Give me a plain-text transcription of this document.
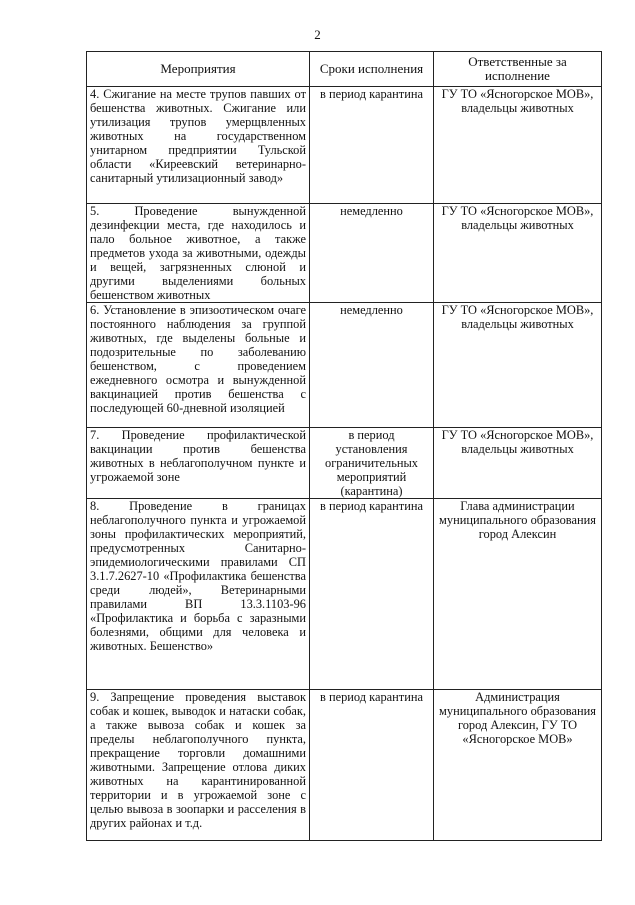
2
Мероприятия	Сроки исполнения	Ответственные за исполнение
4. Сжигание на месте трупов павших от бешенства животных. Сжигание или утилизация трупов умерщвленных животных на государственном унитарном предприятии Тульской области «Киреевский ветеринарно-санитарный утилизационный завод»	в период карантина	ГУ ТО «Ясногорское МОВ», владельцы животных
5. Проведение вынужденной дезинфекции места, где находилось и пало больное животное, а также предметов ухода за животными, одежды и вещей, загрязненных слюной и другими выделениями больных бешенством животных	немедленно	ГУ ТО «Ясногорское МОВ», владельцы животных
6. Установление в эпизоотическом очаге постоянного наблюдения за группой животных, где выделены больные и подозрительные по заболеванию бешенством, с проведением ежедневного осмотра и вынужденной вакцинацией против бешенства с последующей 60-дневной изоляцией	немедленно	ГУ ТО «Ясногорское МОВ», владельцы животных
7. Проведение профилактической вакцинации против бешенства животных в неблагополучном пункте и угрожаемой зоне	в период установления ограничительных мероприятий (карантина)	ГУ ТО «Ясногорское МОВ», владельцы животных
8. Проведение в границах неблагополучного пункта и угрожаемой зоны профилактических мероприятий, предусмотренных Санитарно-эпидемиологическими правилами СП 3.1.7.2627-10 «Профилактика бешенства среди людей», Ветеринарными правилами ВП 13.3.1103-96 «Профилактика и борьба с заразными болезнями, общими для человека и животных. Бешенство»	в период карантина	Глава администрации муниципального образования город Алексин
9. Запрещение проведения выставок собак и кошек, выводок и натаски собак, а также вывоза собак и кошек за пределы неблагополучного пункта, прекращение торговли домашними животными. Запрещение отлова диких животных на карантинированной территории и в угрожаемой зоне с целью вывоза в зоопарки и расселения в других районах и т.д.	в период карантина	Администрация муниципального образования город Алексин, ГУ ТО «Ясногорское МОВ»
